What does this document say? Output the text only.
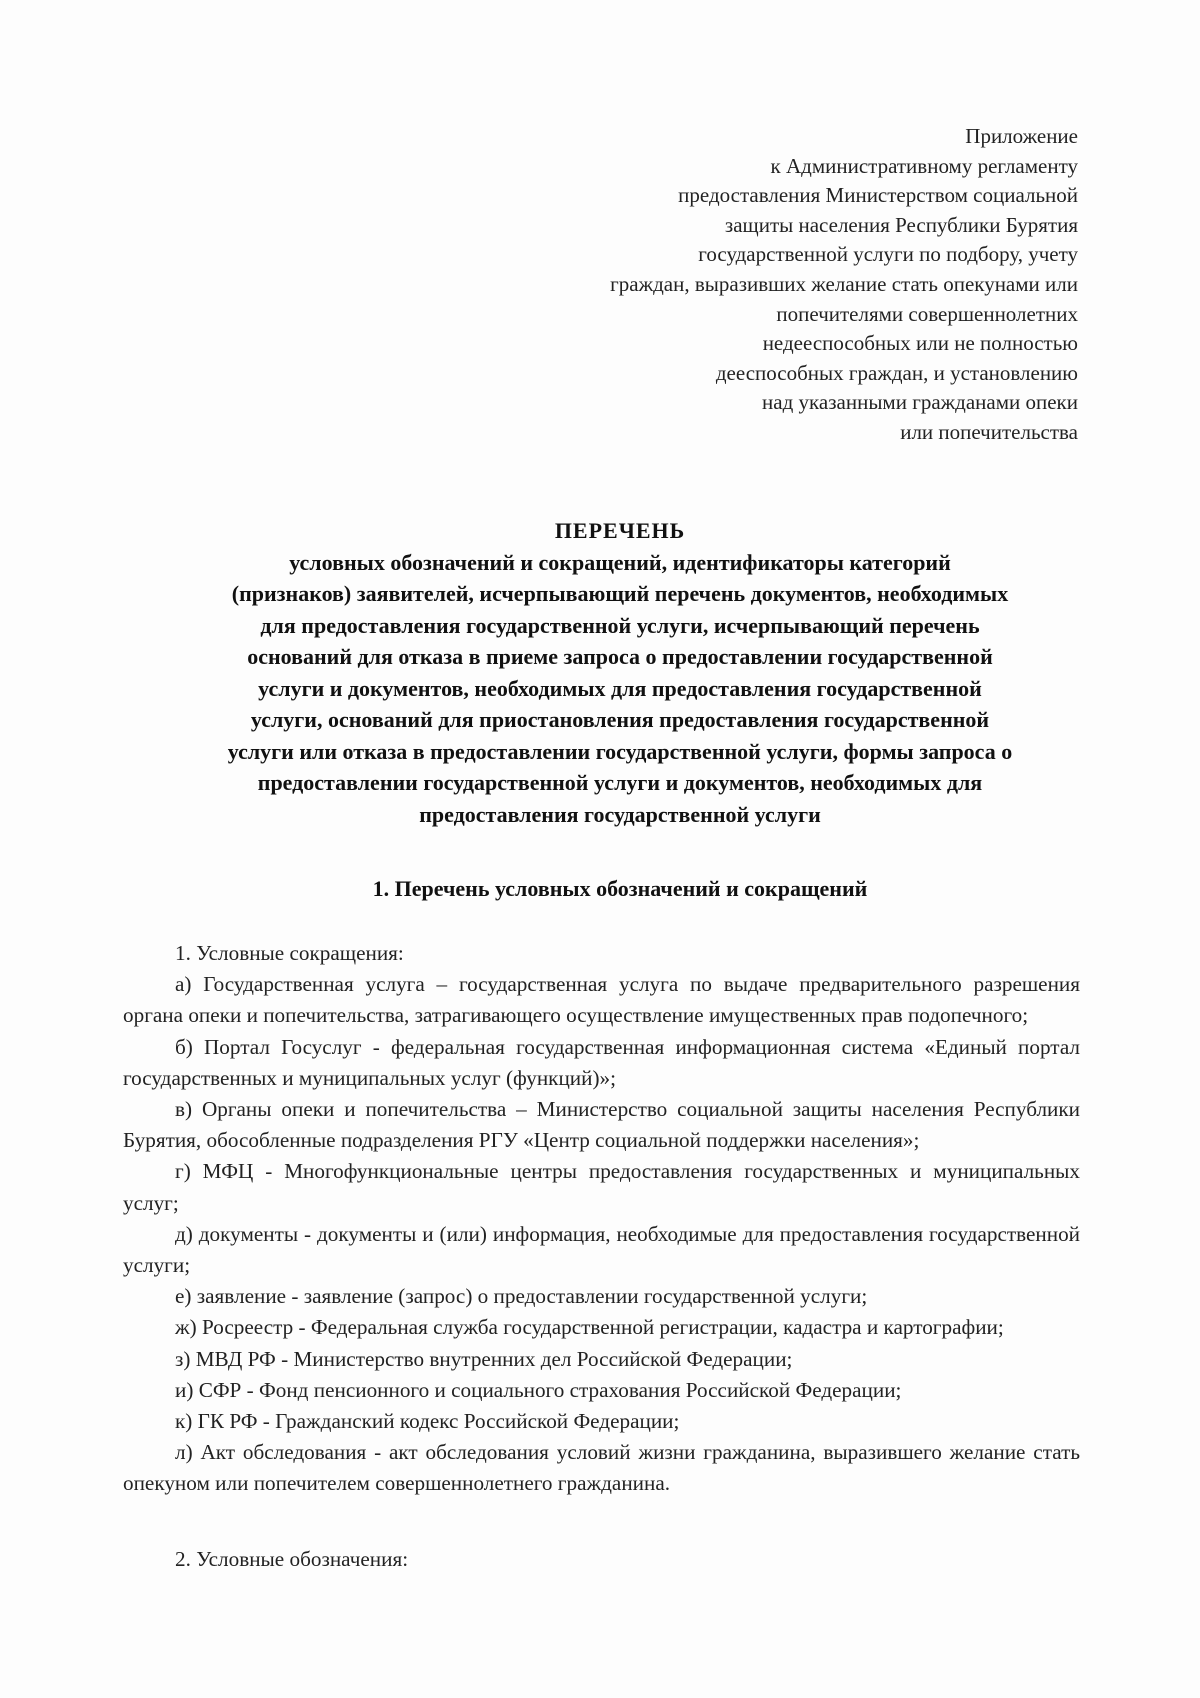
Приложение
к Административному регламенту
предоставления Министерством социальной
защиты населения Республики Бурятия
государственной услуги по подбору, учету
граждан, выразивших желание стать опекунами или
попечителями совершеннолетних
недееспособных или не полностью
дееспособных граждан, и установлению
над указанными гражданами опеки
или попечительства
ПЕРЕЧЕНЬ
условных обозначений и сокращений, идентификаторы категорий
(признаков) заявителей, исчерпывающий перечень документов, необходимых
для предоставления государственной услуги, исчерпывающий перечень
оснований для отказа в приеме запроса о предоставлении государственной
услуги и документов, необходимых для предоставления государственной
услуги, оснований для приостановления предоставления государственной
услуги или отказа в предоставлении государственной услуги, формы запроса о
предоставлении государственной услуги и документов, необходимых для
предоставления государственной услуги
1. Перечень условных обозначений и сокращений

1. Условные сокращения:

а) Государственная услуга – государственная услуга по выдаче предварительного разрешения органа опеки и попечительства, затрагивающего осуществление имущественных прав подопечного;

б) Портал Госуслуг - федеральная государственная информационная система «Единый портал государственных и муниципальных услуг (функций)»;

в) Органы опеки и попечительства – Министерство социальной защиты населения Республики Бурятия, обособленные подразделения РГУ «Центр социальной поддержки населения»;

г) МФЦ - Многофункциональные центры предоставления государственных и муниципальных услуг;

д) документы - документы и (или) информация, необходимые для предоставления государственной услуги;

е) заявление - заявление (запрос) о предоставлении государственной услуги;

ж) Росреестр - Федеральная служба государственной регистрации, кадастра и картографии;

з) МВД РФ - Министерство внутренних дел Российской Федерации;

и) СФР - Фонд пенсионного и социального страхования Российской Федерации;

к) ГК РФ - Гражданский кодекс Российской Федерации;

л) Акт обследования - акт обследования условий жизни гражданина, выразившего желание стать опекуном или попечителем совершеннолетнего гражданина.

2. Условные обозначения:
